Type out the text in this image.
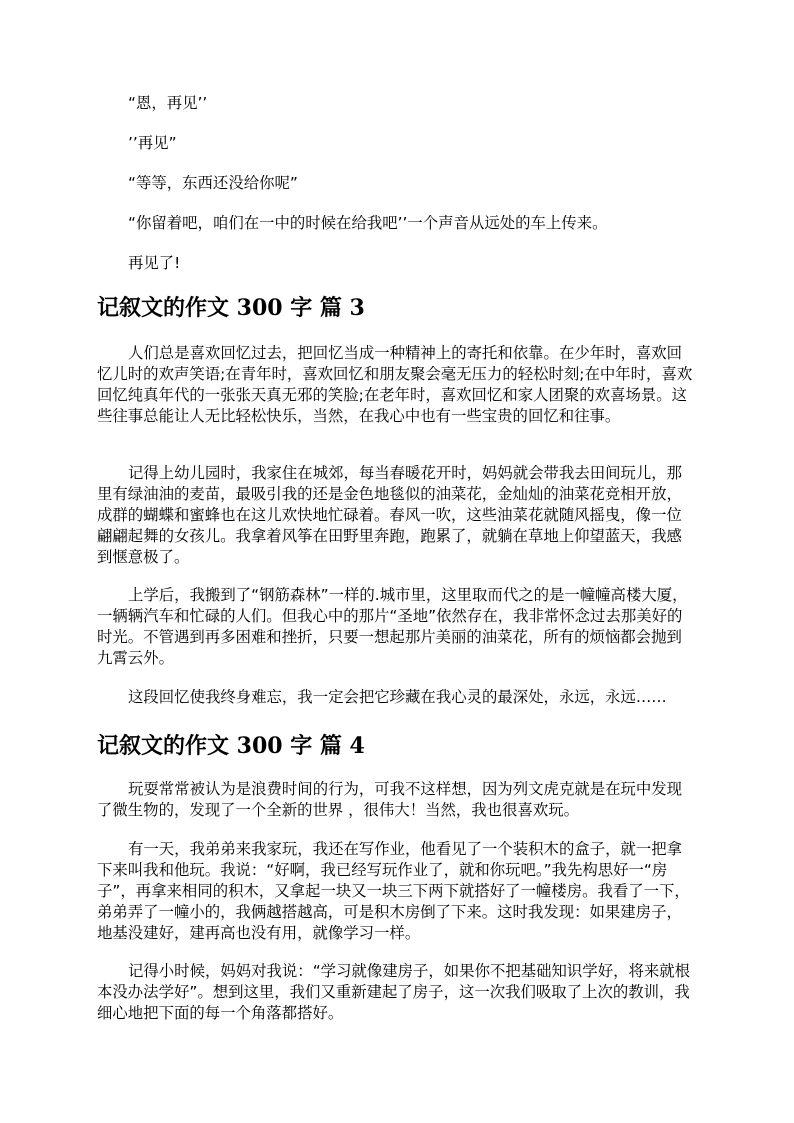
“恩，再见’’

’’再见”

“等等，东西还没给你呢”

“你留着吧，咱们在一中的时候在给我吧’’一个声音从远处的车上传来。

再见了!

记叙文的作文 300 字 篇 3

人们总是喜欢回忆过去，把回忆当成一种精神上的寄托和依靠。在少年时，喜欢回忆儿时的欢声笑语;在青年时，喜欢回忆和朋友聚会毫无压力的轻松时刻;在中年时，喜欢回忆纯真年代的一张张天真无邪的笑脸;在老年时，喜欢回忆和家人团聚的欢喜场景。这些往事总能让人无比轻松快乐，当然，在我心中也有一些宝贵的回忆和往事。

记得上幼儿园时，我家住在城郊，每当春暖花开时，妈妈就会带我去田间玩儿，那里有绿油油的麦苗，最吸引我的还是金色地毯似的油菜花，金灿灿的油菜花竞相开放，成群的蝴蝶和蜜蜂也在这儿欢快地忙碌着。春风一吹，这些油菜花就随风摇曳，像一位翩翩起舞的女孩儿。我拿着风筝在田野里奔跑，跑累了，就躺在草地上仰望蓝天，我感到惬意极了。

上学后，我搬到了“钢筋森林”一样的.城市里，这里取而代之的是一幢幢高楼大厦，一辆辆汽车和忙碌的人们。但我心中的那片“圣地”依然存在，我非常怀念过去那美好的时光。不管遇到再多困难和挫折，只要一想起那片美丽的油菜花，所有的烦恼都会抛到九霄云外。

这段回忆使我终身难忘，我一定会把它珍藏在我心灵的最深处，永远，永远……

记叙文的作文 300 字 篇 4

玩耍常常被认为是浪费时间的行为，可我不这样想，因为列文虎克就是在玩中发现了微生物的，发现了一个全新的世界 ，很伟大！当然，我也很喜欢玩。

有一天，我弟弟来我家玩，我还在写作业，他看见了一个装积木的盒子，就一把拿下来叫我和他玩。我说：“好啊，我已经写玩作业了，就和你玩吧。”我先构思好一“房子”，再拿来相同的积木，又拿起一块又一块三下两下就搭好了一幢楼房。我看了一下，弟弟弄了一幢小的，我俩越搭越高，可是积木房倒了下来。这时我发现：如果建房子，地基没建好，建再高也没有用，就像学习一样。

记得小时候，妈妈对我说：“学习就像建房子，如果你不把基础知识学好，将来就根本没办法学好”。想到这里，我们又重新建起了房子，这一次我们吸取了上次的教训，我细心地把下面的每一个角落都搭好。
